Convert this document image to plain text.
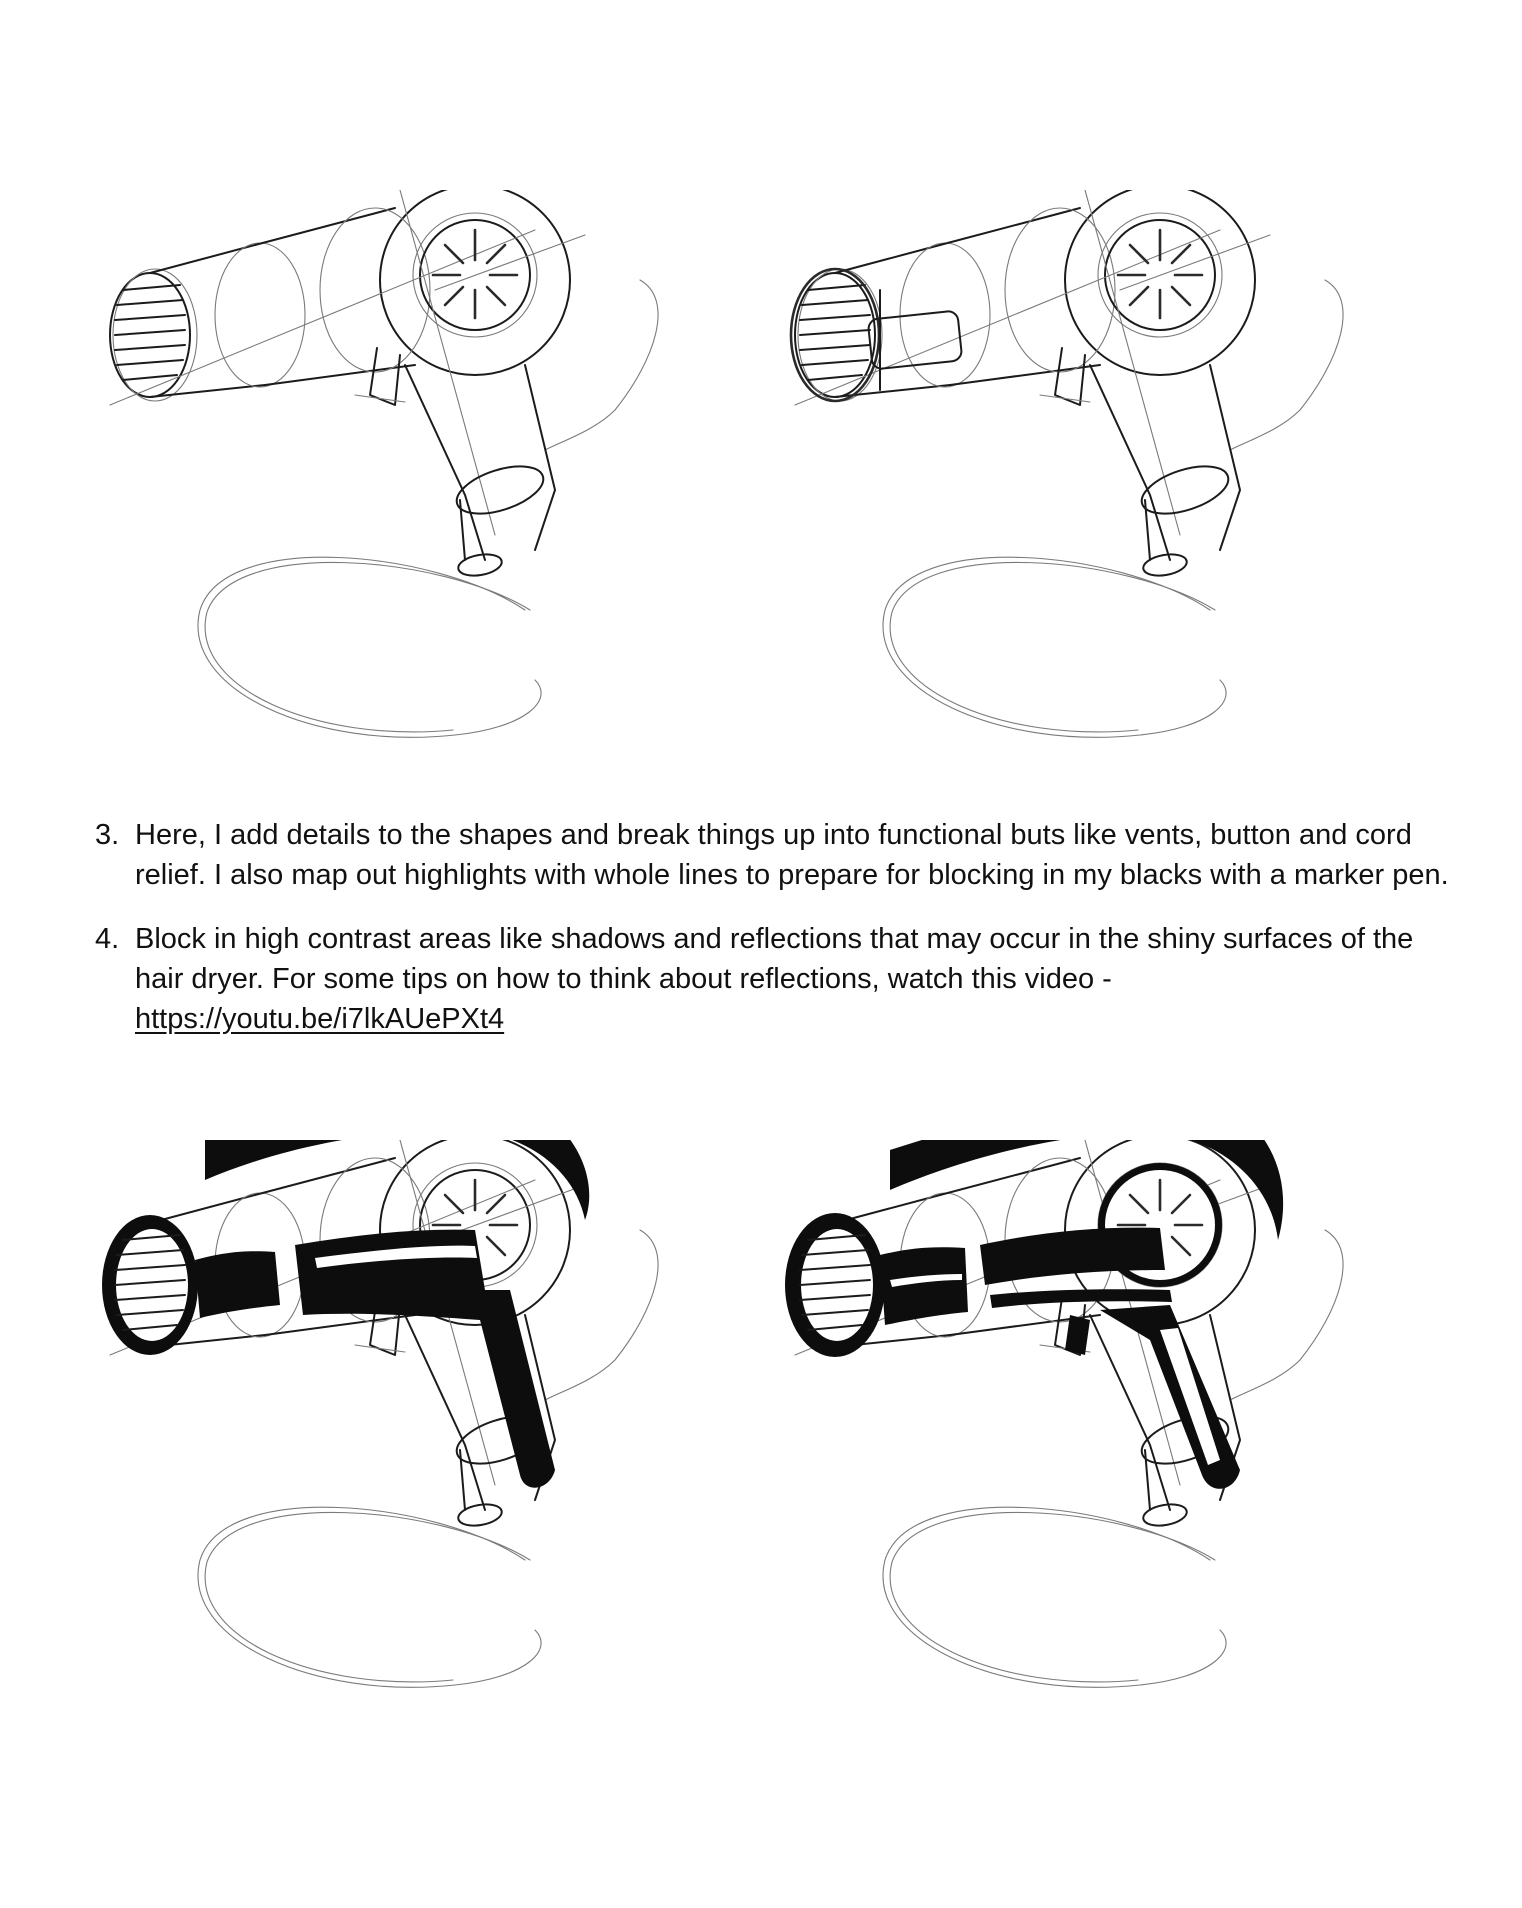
3. Here, I add details to the shapes and break things up into functional buts like vents, button and cord relief. I also map out highlights with whole lines to prepare for blocking in my blacks with a marker pen.
4. Block in high contrast areas like shadows and reflections that may occur in the shiny surfaces of the hair dryer. For some tips on how to think about reflections, watch this video - https://youtu.be/i7lkAUePXt4
